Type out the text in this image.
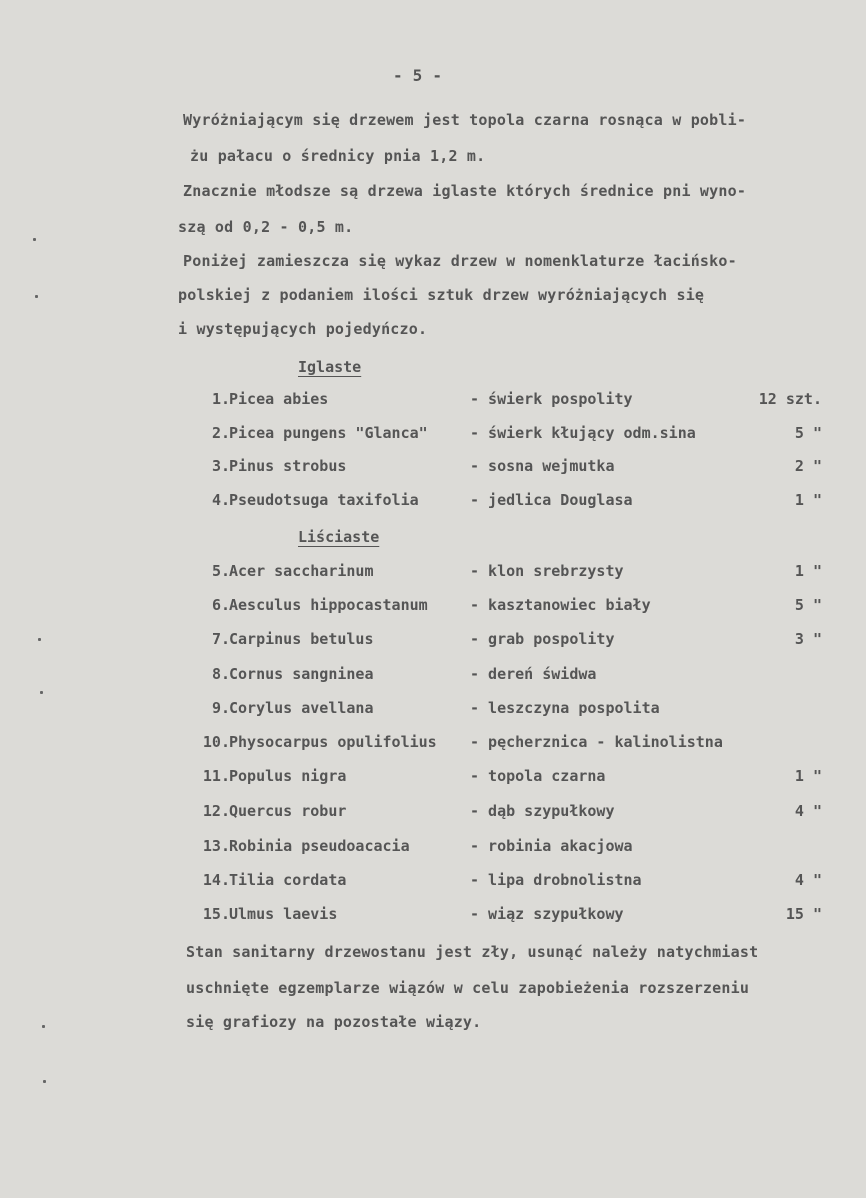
- 5 -
Wyróżniającym się drzewem jest topola czarna rosnąca w pobli-
żu pałacu o średnicy pnia 1,2 m.
Znacznie młodsze są drzewa iglaste których średnice pni wyno-
szą od 0,2 - 0,5 m.
Poniżej zamieszcza się wykaz drzew w nomenklaturze łacińsko-
polskiej z podaniem ilości sztuk drzew wyróżniających się
i występujących pojedyńczo.
Iglaste
1. Picea abies	- świerk pospolity	12 szt.
2. Picea pungens "Glanca"	- świerk kłujący odm.sina	5 "
3. Pinus strobus	- sosna wejmutka	2 "
4. Pseudotsuga taxifolia	- jedlica Douglasa	1 "
Liściaste
5. Acer saccharinum	- klon srebrzysty	1 "
6. Aesculus hippocastanum	- kasztanowiec biały	5 "
7. Carpinus betulus	- grab pospolity	3 "
8. Cornus sangninea	- dereń świdwa
9. Corylus avellana	- leszczyna pospolita
10. Physocarpus opulifolius - pęcherznica - kalinolistna
11. Populus nigra	- topola czarna	1 "
12. Quercus robur	- dąb szypułkowy	4 "
13. Robinia pseudoacacia	- robinia akacjowa
14. Tilia cordata	- lipa drobnolistna	4 "
15. Ulmus laevis	- wiąz szypułkowy	15 "
Stan sanitarny drzewostanu jest zły, usunąć należy natychmiast
uschnięte egzemplarze wiązów w celu zapobieżenia rozszerzeniu
się grafiozy na pozostałe wiązy.
